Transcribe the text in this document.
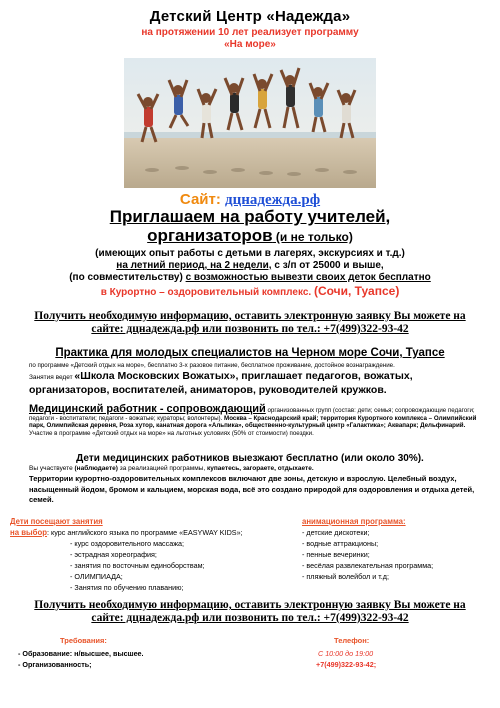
Детский Центр «Надежда»
на протяжении 10 лет реализует программу
«На море»
Сайт: дцнадежда.рф
Приглашаем на работу учителей,
организаторов (и не только)
(имеющих опыт работы с детьми в лагерях, экскурсиях и т.д.)
на летний период, на 2 недели, с з/п от 25000 и выше,
(по совместительству) с возможностью вывезти своих деток бесплатно
в Курортно – оздоровительный комплекс. (Сочи, Туапсе)
Получить необходимую информацию, оставить электронную заявку Вы можете на
сайте: дцнадежда.рф или позвонить по тел.: +7(499)322-93-42
Практика для молодых специалистов на Черном море Сочи, Туапсе
по программе «Детский отдых на море», бесплатно 3-х разовое питание, бесплатное проживание, достойное вознаграждение.
Занятия ведет «Школа Московских Вожатых», приглашает педагогов, вожатых, организаторов, воспитателей, аниматоров, руководителей кружков.
Медицинский работник - сопровождающий организованных групп (состав: дети; семья; сопровождающие педагоги; педагоги - воспитатели; педагоги - вожатые; кураторы; волонтеры). Москва – Краснодарский край; территория Курортного комплекса – Олимпийский парк, Олимпийская деревня, Роза хутор, канатная дорога «Альпика», общественно-культурный центр «Галактика»; Аквапарк; Дельфинарий. Участие в программе «Детский отдых на море» на льготных условиях (50% от стоимости) поездки.
Дети медицинских работников выезжают бесплатно (или около 30%).
Вы участвуете (наблюдаете) за реализацией программы, купаетесь, загораете, отдыхаете.
Территории курортно-оздоровительных комплексов включают две зоны, детскую и взрослую. Целебный воздух, насыщенный йодом, бромом и кальцием, морская вода, всё это создано природой для оздоровления и отдыха детей, семей.
Дети посещают занятия
на выбор: курс английского языка по программе «EASYWAY KIDS»;
- курс оздоровительного массажа;
- эстрадная хореография;
- занятия по восточным единоборствам;
- ОЛИМПИАДА;
- Занятия по обучению плаванию;
анимационная программа:
- детские дискотеки;
- водные аттракционы;
- пенные вечеринки;
- весёлая развлекательная программа;
- пляжный волейбол и т.д;
Получить необходимую информацию, оставить электронную заявку Вы можете на
сайте: дцнадежда.рф или позвонить по тел.: +7(499)322-93-42
Требования:	Телефон:
- Образование: н/высшее, высшее.
- Организованность;
С 10:00 до 19:00
+7(499)322-93-42;
